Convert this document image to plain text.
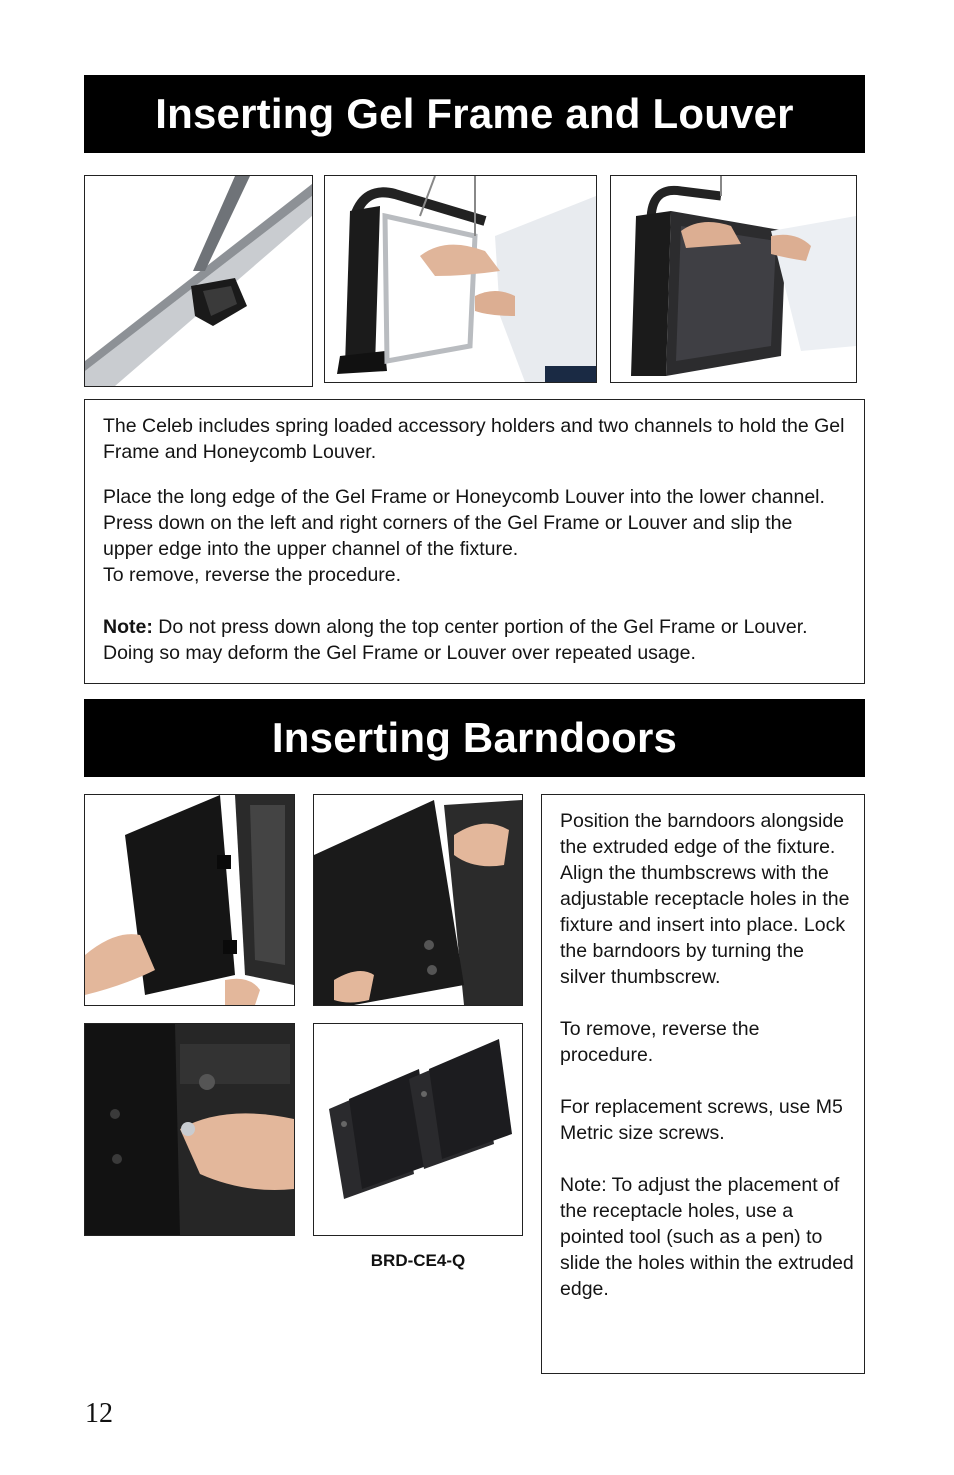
Inserting Gel Frame and Louver

The Celeb includes spring loaded accessory holders and two channels to hold the Gel Frame and Honeycomb Louver.

Place the long edge of the Gel Frame or Honeycomb Louver into the lower channel. Press down on the left and right corners of the Gel Frame or Louver and slip the upper edge into the upper channel of the fixture.
To remove, reverse the procedure.

Note: Do not press down along the top center portion of the Gel Frame or Louver. Doing so may deform the Gel Frame or Louver over repeated usage.

Inserting Barndoors
BRD-CE4-Q

Position the barndoors alongside the extruded edge of the fixture. Align the thumbscrews with the adjustable receptacle holes in the fixture and insert into place. Lock the barndoors by turning the silver thumbscrew.

To remove, reverse the procedure.

For replacement screws, use M5 Metric size screws.

Note: To adjust the placement of the receptacle holes, use a pointed tool (such as a pen) to slide the holes within the extruded edge.

12
